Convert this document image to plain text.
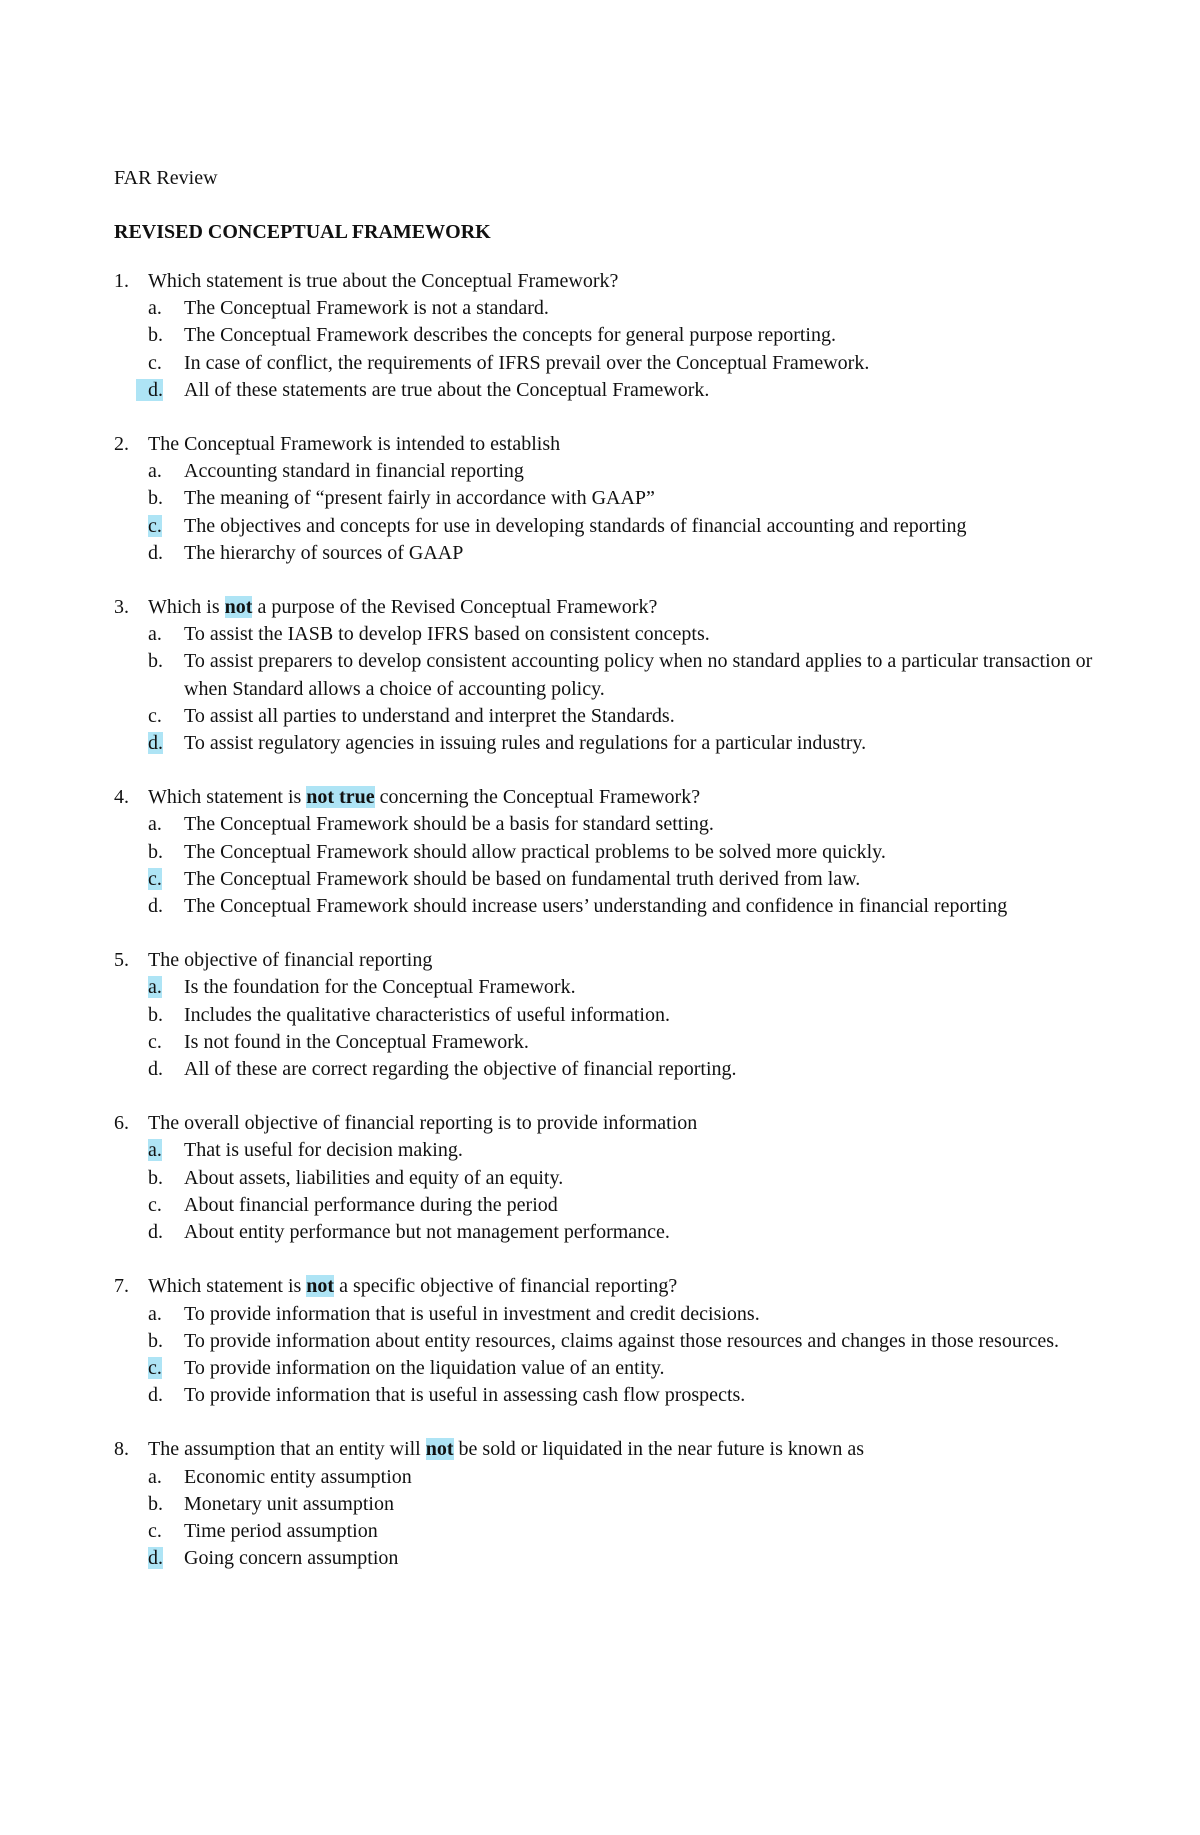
FAR Review
REVISED CONCEPTUAL FRAMEWORK
1. Which statement is true about the Conceptual Framework?
a.	The Conceptual Framework is not a standard.
b.	The Conceptual Framework describes the concepts for general purpose reporting.
c.	In case of conflict, the requirements of IFRS prevail over the Conceptual Framework.
d.	All of these statements are true about the Conceptual Framework.
2. The Conceptual Framework is intended to establish
a.	Accounting standard in financial reporting
b.	The meaning of “present fairly in accordance with GAAP”
c.	The objectives and concepts for use in developing standards of financial accounting and reporting
d.	The hierarchy of sources of GAAP
3. Which is not a purpose of the Revised Conceptual Framework?
a.	To assist the IASB to develop IFRS based on consistent concepts.
b.	To assist preparers to develop consistent accounting policy when no standard applies to a particular transaction or when Standard allows a choice of accounting policy.
c.	To assist all parties to understand and interpret the Standards.
d.	To assist regulatory agencies in issuing rules and regulations for a particular industry.
4. Which statement is not true concerning the Conceptual Framework?
a.	The Conceptual Framework should be a basis for standard setting.
b.	The Conceptual Framework should allow practical problems to be solved more quickly.
c.	The Conceptual Framework should be based on fundamental truth derived from law.
d.	The Conceptual Framework should increase users’ understanding and confidence in financial reporting
5. The objective of financial reporting
a.	Is the foundation for the Conceptual Framework.
b.	Includes the qualitative characteristics of useful information.
c.	Is not found in the Conceptual Framework.
d.	All of these are correct regarding the objective of financial reporting.
6. The overall objective of financial reporting is to provide information
a.	That is useful for decision making.
b.	About assets, liabilities and equity of an equity.
c.	About financial performance during the period
d.	About entity performance but not management performance.
7. Which statement is not a specific objective of financial reporting?
a.	To provide information that is useful in investment and credit decisions.
b.	To provide information about entity resources, claims against those resources and changes in those resources.
c.	To provide information on the liquidation value of an entity.
d.	To provide information that is useful in assessing cash flow prospects.
8. The assumption that an entity will not be sold or liquidated in the near future is known as
a.	Economic entity assumption
b.	Monetary unit assumption
c.	Time period assumption
d.	Going concern assumption
